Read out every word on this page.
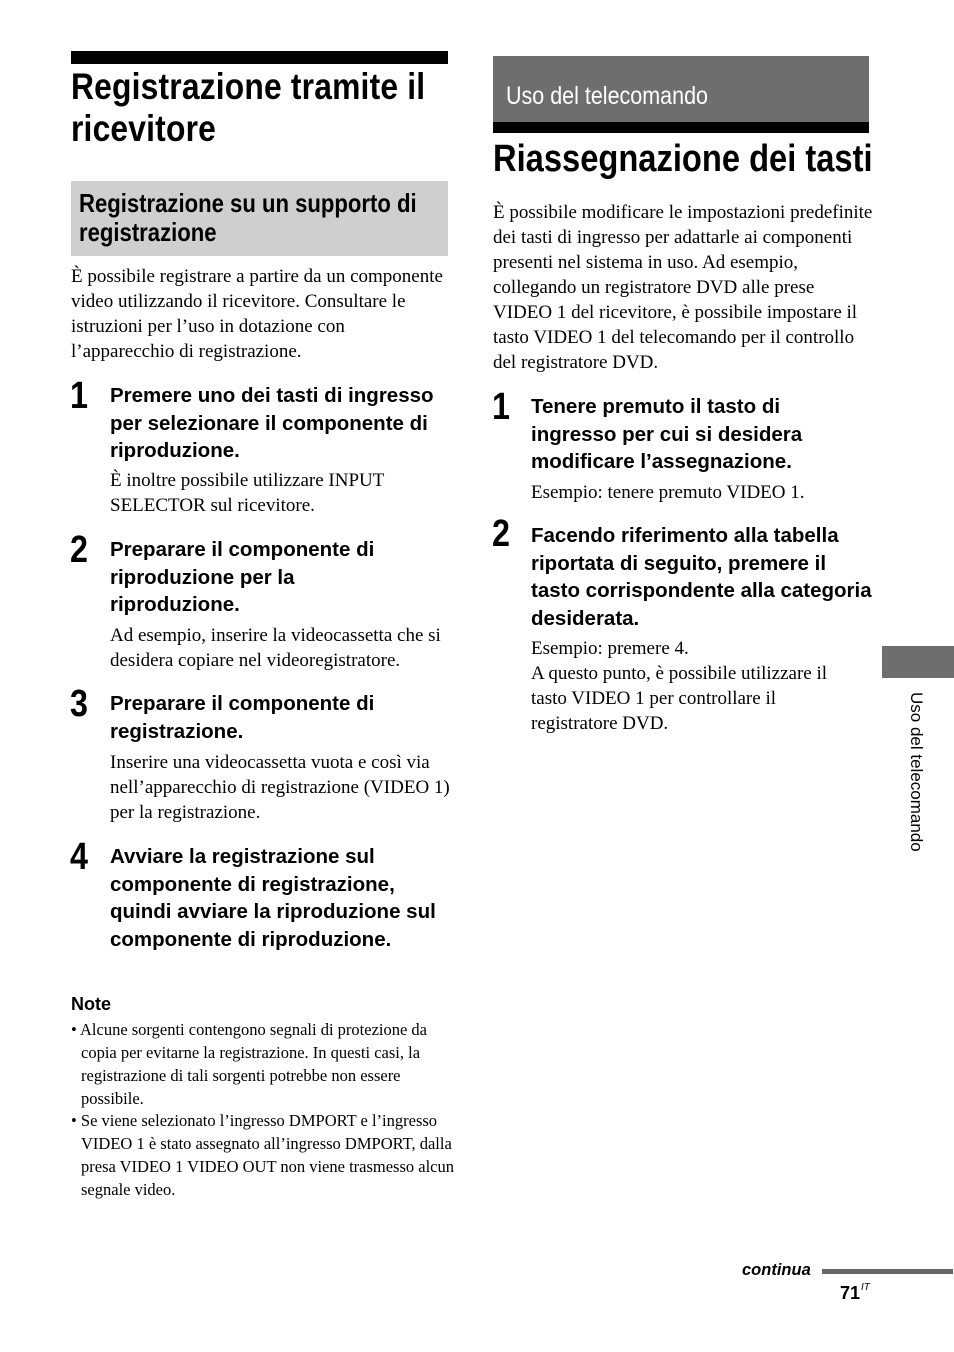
Registrazione tramite il
ricevitore
Registrazione su un supporto di
registrazione
È possibile registrare a partire da un componente video utilizzando il ricevitore. Consultare le istruzioni per l’uso in dotazione con l’apparecchio di registrazione.
1 Premere uno dei tasti di ingresso per selezionare il componente di riproduzione.
È inoltre possibile utilizzare INPUT SELECTOR sul ricevitore.
2 Preparare il componente di riproduzione per la riproduzione.
Ad esempio, inserire la videocassetta che si desidera copiare nel videoregistratore.
3 Preparare il componente di registrazione.
Inserire una videocassetta vuota e così via nell’apparecchio di registrazione (VIDEO 1) per la registrazione.
4 Avviare la registrazione sul componente di registrazione, quindi avviare la riproduzione sul componente di riproduzione.
Note
• Alcune sorgenti contengono segnali di protezione da copia per evitarne la registrazione. In questi casi, la registrazione di tali sorgenti potrebbe non essere possibile.
• Se viene selezionato l’ingresso DMPORT e l’ingresso VIDEO 1 è stato assegnato all’ingresso DMPORT, dalla presa VIDEO 1 VIDEO OUT non viene trasmesso alcun segnale video.
Uso del telecomando
Riassegnazione dei tasti
È possibile modificare le impostazioni predefinite dei tasti di ingresso per adattarle ai componenti presenti nel sistema in uso. Ad esempio, collegando un registratore DVD alle prese VIDEO 1 del ricevitore, è possibile impostare il tasto VIDEO 1 del telecomando per il controllo del registratore DVD.
1 Tenere premuto il tasto di ingresso per cui si desidera modificare l’assegnazione.
Esempio: tenere premuto VIDEO 1.
2 Facendo riferimento alla tabella riportata di seguito, premere il tasto corrispondente alla categoria desiderata.
Esempio: premere 4.
A questo punto, è possibile utilizzare il tasto VIDEO 1 per controllare il registratore DVD.	Uso del telecomando
continua
$71^{IT}$
